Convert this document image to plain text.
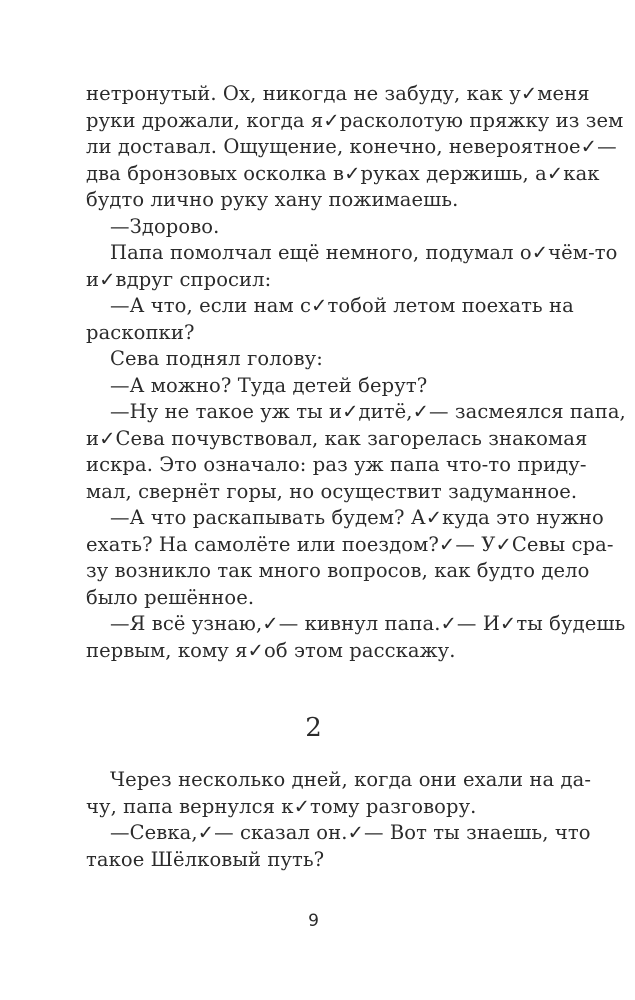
нетронутый. Ох, никогда не забуду, как у✓меня
руки дрожали, когда я✓расколотую пряжку из зем
ли доставал. Ощущение, конечно, невероятное✓—
два бронзовых осколка в✓руках держишь, а✓как
будто лично руку хану пожимаешь.
—Здорово.
Папа помолчал ещё немного, подумал о✓чём-то
и✓вдруг спросил:
—А что, если нам с✓тобой летом поехать на
раскопки?
Сева поднял голову:
—А можно? Туда детей берут?
—Ну не такое уж ты и✓дитё,✓— засмеялся папа,
и✓Сева почувствовал, как загорелась знакомая
искра. Это означало: раз уж папа что-то приду-
мал, свернёт горы, но осуществит задуманное.
—А что раскапывать будем? А✓куда это нужно
ехать? На самолёте или поездом?✓— У✓Севы сра-
зу возникло так много вопросов, как будто дело
было решённое.
—Я всё узнаю,✓— кивнул папа.✓— И✓ты будешь
первым, кому я✓об этом расскажу.
2
Через несколько дней, когда они ехали на да-
чу, папа вернулся к✓тому разговору.
—Севка,✓— сказал он.✓— Вот ты знаешь, что
такое Шёлковый путь?
9
